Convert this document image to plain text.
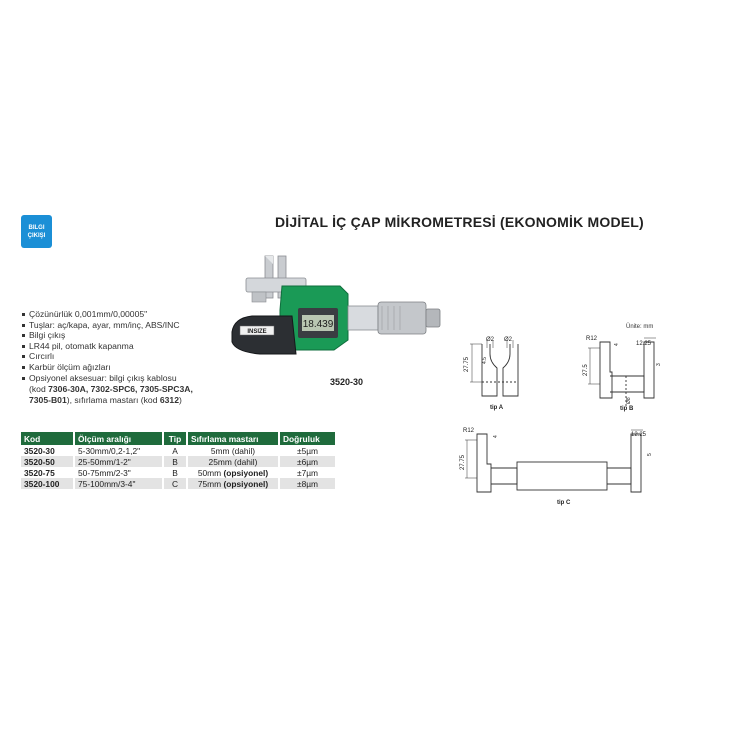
BILGI
ÇIKIŞI
DİJİTAL İÇ ÇAP MİKROMETRESİ (EKONOMİK MODEL)
INSIZE
18.439
3520-30
Çözünürlük 0,001mm/0,00005"
Tuşlar: aç/kapa, ayar, mm/inç, ABS/INC
Bilgi çıkış
LR44 pil, otomatk kapanma
Cırcırlı
Karbür ölçüm ağızları
Opsiyonel aksesuar: bilgi çıkış kablosu
(kod 7306-30A, 7302-SPC6, 7305-SPC3A,
7305-B01), sıfırlama mastarı (kod 6312)
Kod	Ölçüm aralığı	Tip	Sıfırlama mastarı	Doğruluk
3520-30	5-30mm/0,2-1,2"	A	5mm (dahil)	±5µm
3520-50	25-50mm/1-2"	B	25mm (dahil)	±6µm
3520-75	50-75mm/2-3"	B	50mm (opsiyonel)	±7µm
3520-100	75-100mm/3-4"	C	75mm (opsiyonel)	±8µm
Ünite: mm
Ø2 Ø2
27.75 4.5
tip A
R12
4	12.25
27.5	3
Ø8
tip B
R12
4	12.25
27.75
5
tip C
